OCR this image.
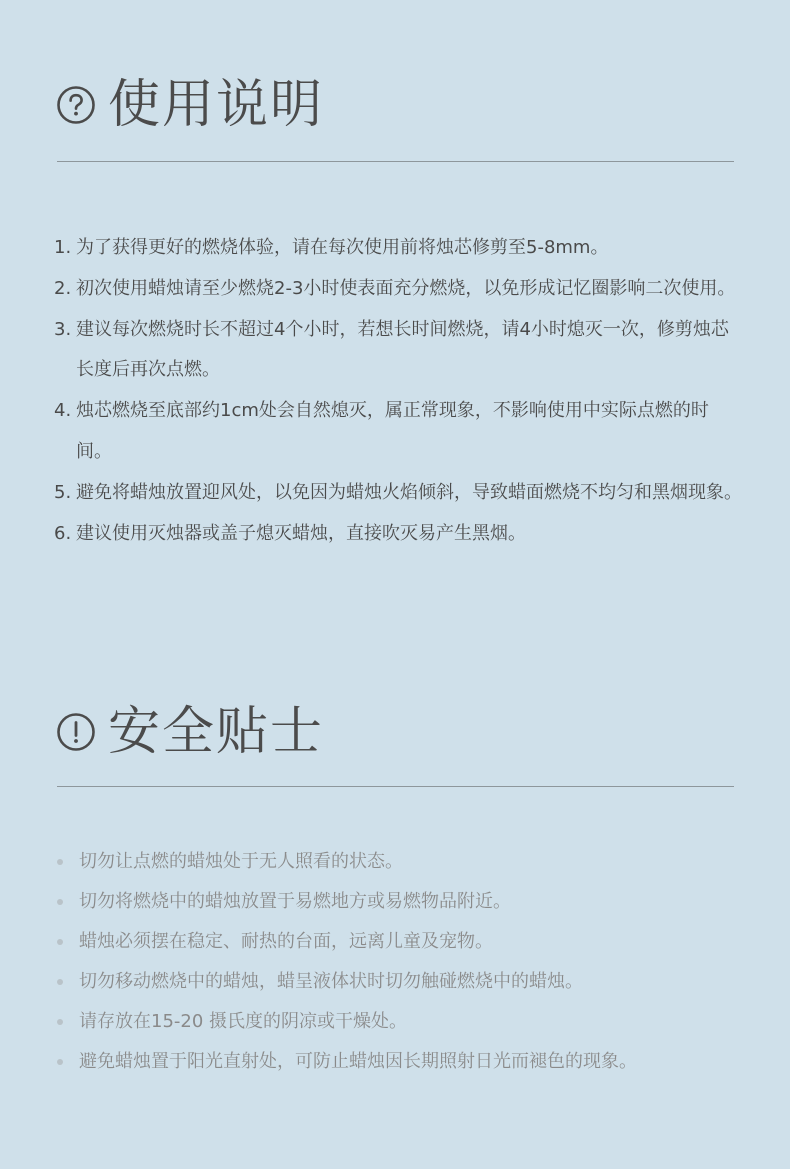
使用说明
1. 为了获得更好的燃烧体验，请在每次使用前将烛芯修剪至5-8mm。
2. 初次使用蜡烛请至少燃烧2-3小时使表面充分燃烧，以免形成记忆圈影响二次使用。
3. 建议每次燃烧时长不超过4个小时，若想长时间燃烧，请4小时熄灭一次，修剪烛芯长度后再次点燃。
4. 烛芯燃烧至底部约1cm处会自然熄灭，属正常现象，不影响使用中实际点燃的时间。
5. 避免将蜡烛放置迎风处，以免因为蜡烛火焰倾斜，导致蜡面燃烧不均匀和黑烟现象。
6. 建议使用灭烛器或盖子熄灭蜡烛，直接吹灭易产生黑烟。
安全贴士
切勿让点燃的蜡烛处于无人照看的状态。
切勿将燃烧中的蜡烛放置于易燃地方或易燃物品附近。
蜡烛必须摆在稳定、耐热的台面，远离儿童及宠物。
切勿移动燃烧中的蜡烛，蜡呈液体状时切勿触碰燃烧中的蜡烛。
请存放在15-20 摄氏度的阴凉或干燥处。
避免蜡烛置于阳光直射处，可防止蜡烛因长期照射日光而褪色的现象。
